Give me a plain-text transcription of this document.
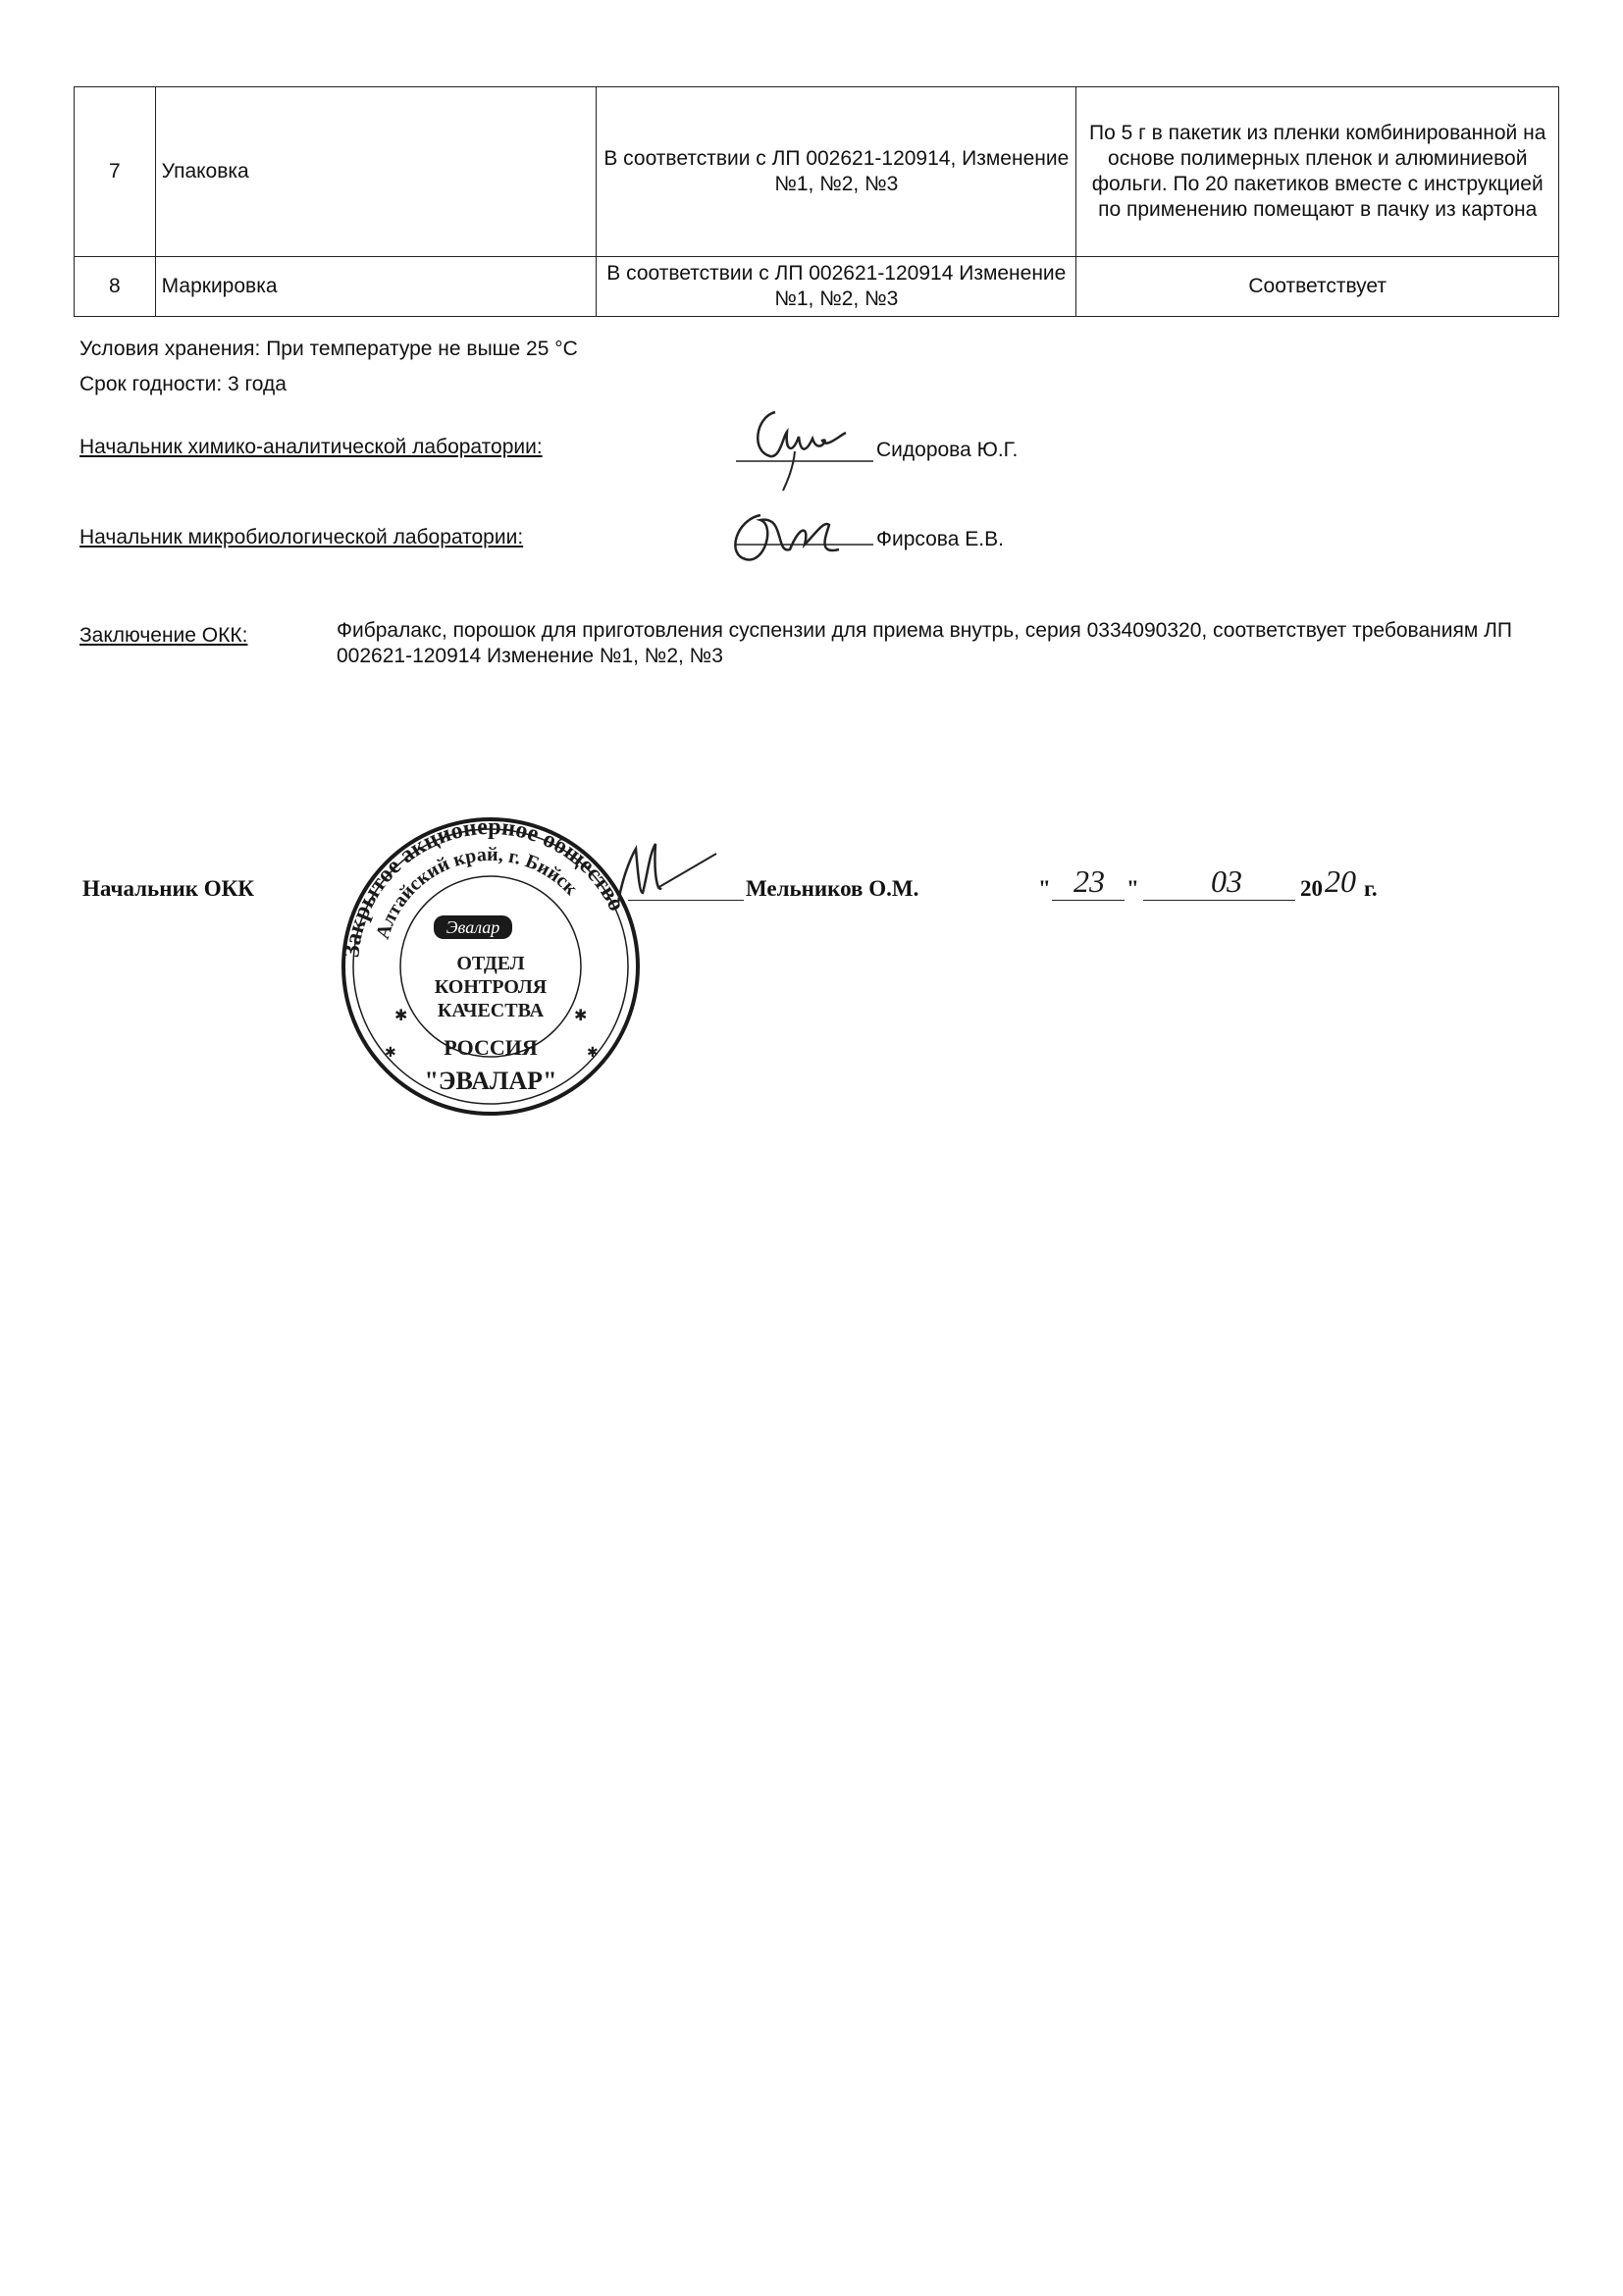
7	Упаковка	В соответствии с ЛП 002621-120914, Изменение №1, №2, №3	По 5 г в пакетик из пленки комбинированной на основе полимерных пленок и алюминиевой фольги. По 20 пакетиков вместе с инструкцией по применению помещают в пачку из картона
8	Маркировка	В соответствии с ЛП 002621-120914 Изменение №1, №2, №3	Соответствует
Условия хранения: При температуре не выше 25 °С
Срок годности: 3 года
Начальник химико-аналитической лаборатории:	Сидорова Ю.Г.
Начальник микробиологической лаборатории:	Фирсова Е.В.
Заключение ОКК:	Фибралакс, порошок для приготовления суспензии для приема внутрь, серия 0334090320, соответствует требованиям ЛП 002621-120914 Изменение №1, №2, №3
Начальник ОКК
Закрытое акционерное общество
Алтайский край, г. Бийск
Эвалар
ОТДЕЛ
КОНТРОЛЯ
КАЧЕСТВА
РОССИЯ
"ЭВАЛАР"
✱	✱
✱	✱
Мельников О.М.	" 23 "	03	20 20 г.
